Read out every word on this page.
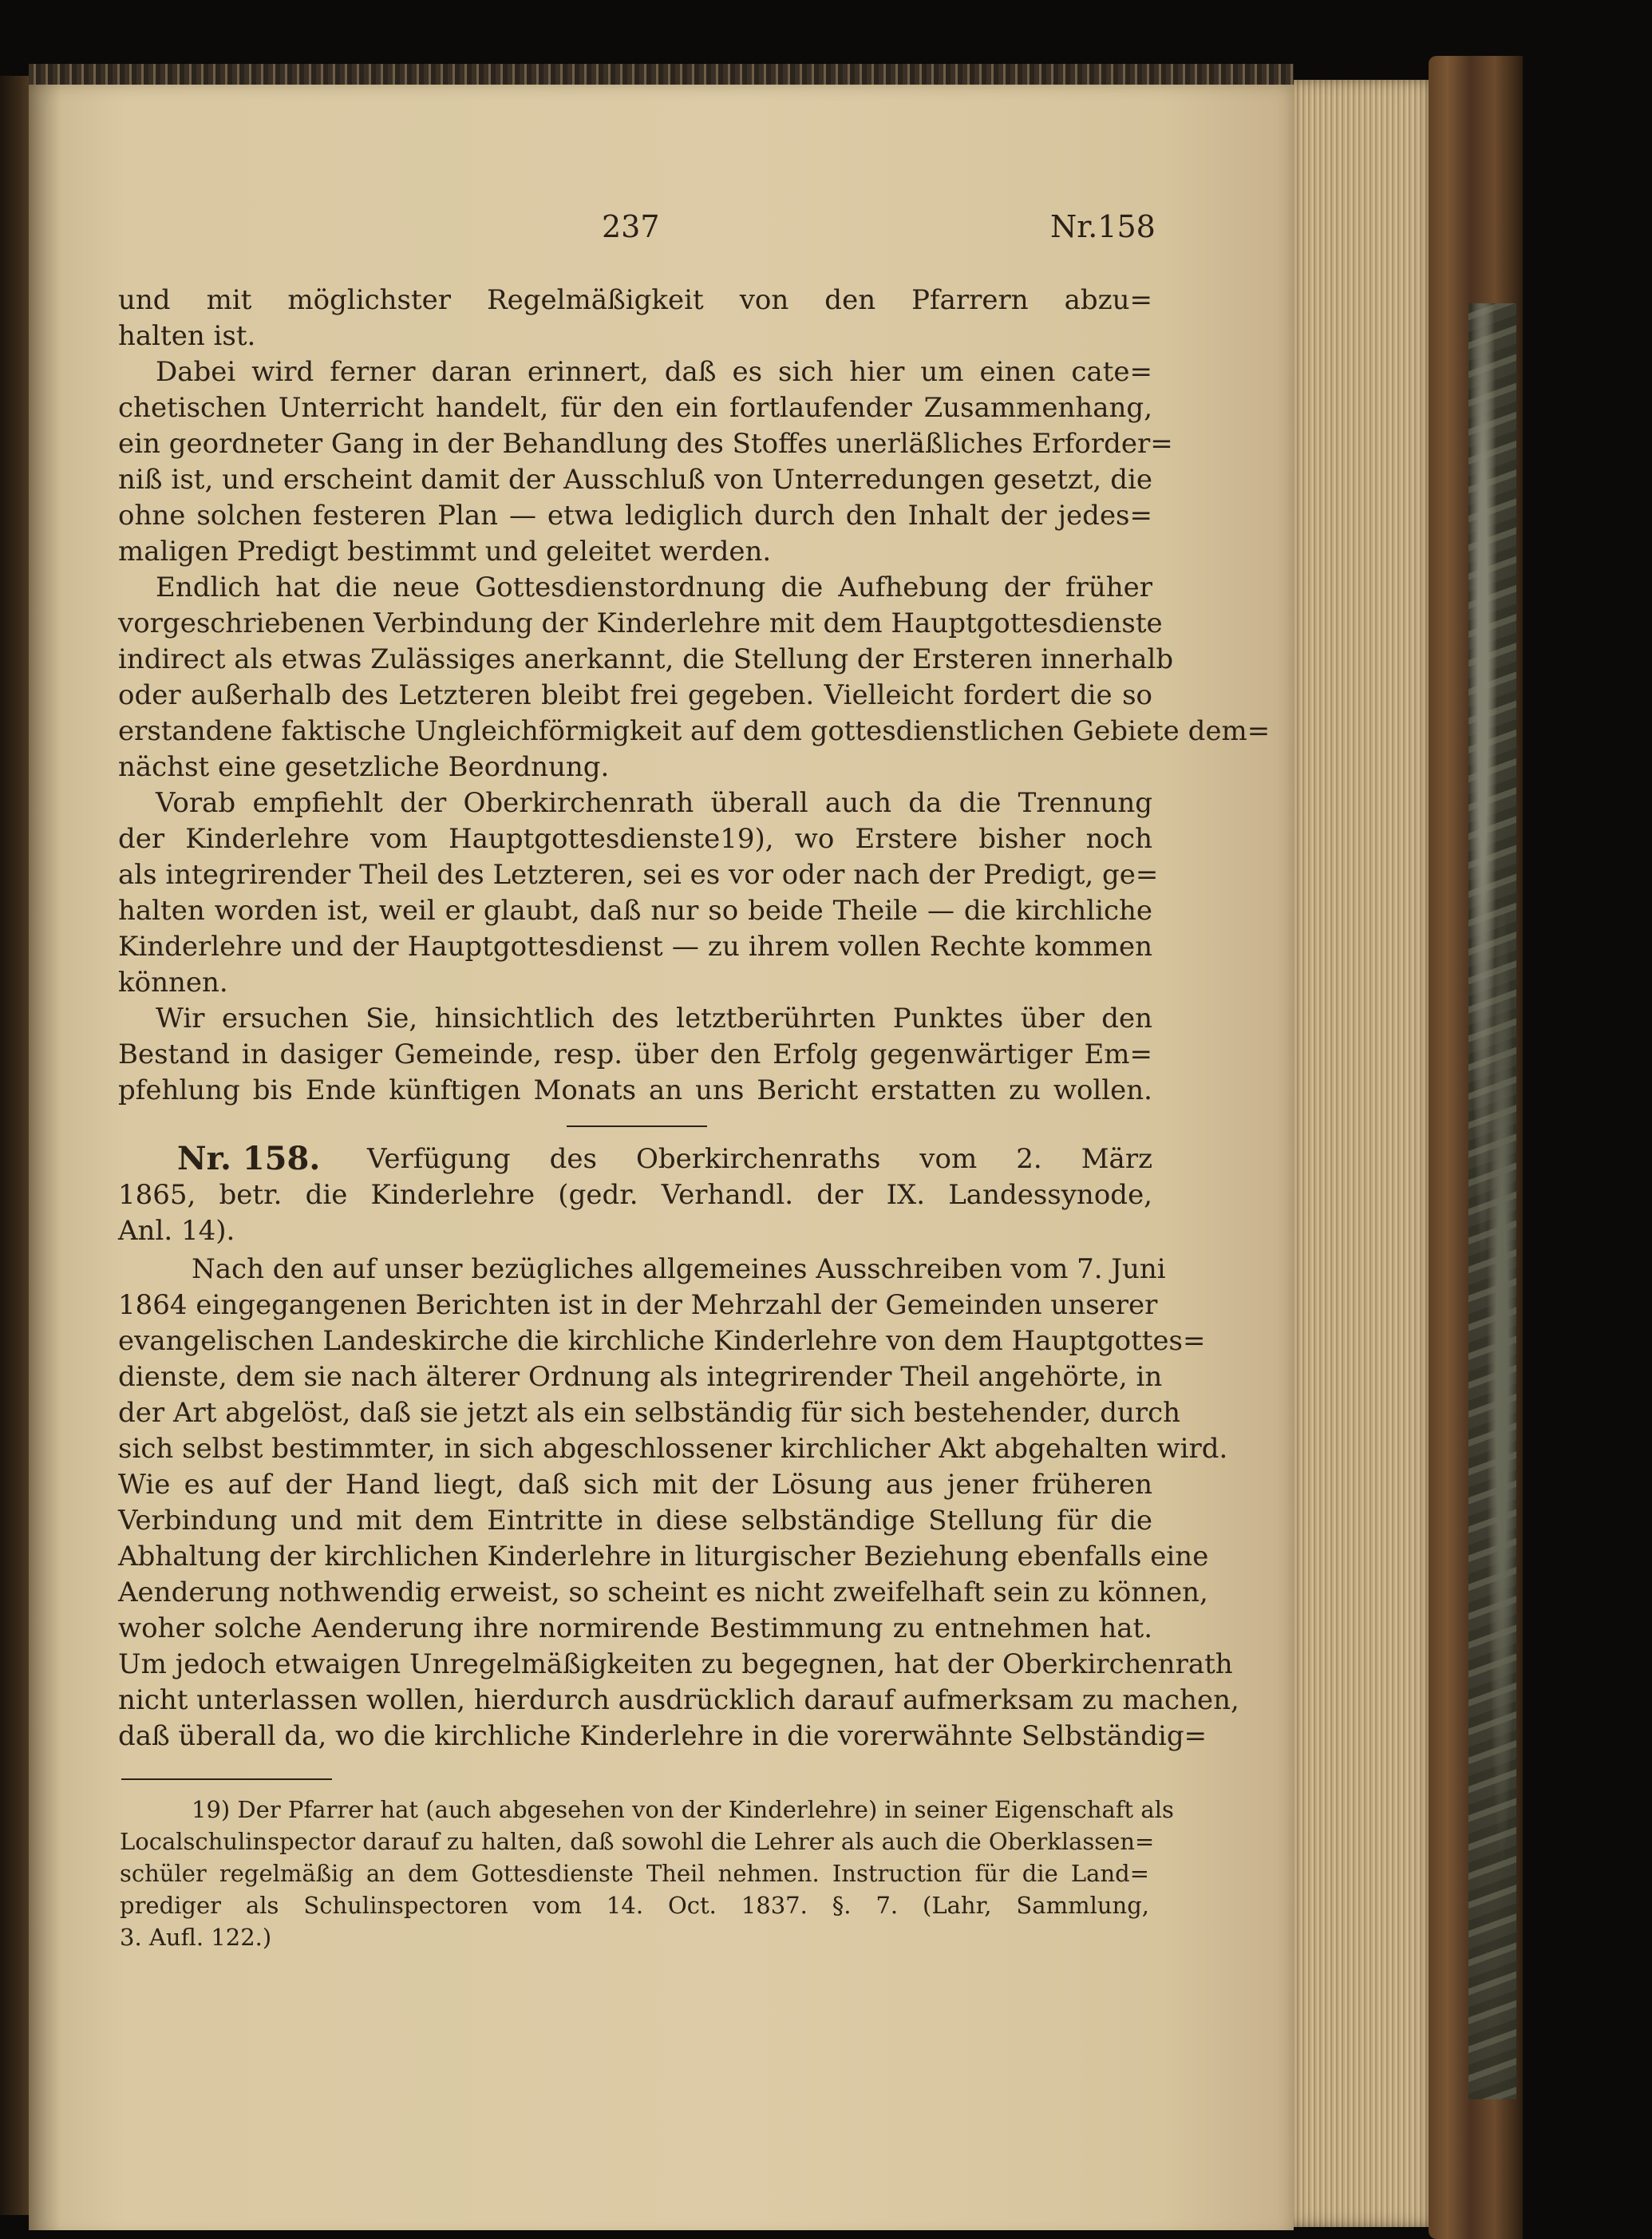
237	Nr.158
und mit möglichster Regelmäßigkeit von den Pfarrern abzu=
halten ist.
Dabei wird ferner daran erinnert, daß es sich hier um einen cate=
chetischen Unterricht handelt, für den ein fortlaufender Zusammenhang,
ein geordneter Gang in der Behandlung des Stoffes unerläßliches Erforder=
niß ist, und erscheint damit der Ausschluß von Unterredungen gesetzt, die
ohne solchen festeren Plan — etwa lediglich durch den Inhalt der jedes=
maligen Predigt bestimmt und geleitet werden.
Endlich hat die neue Gottesdienstordnung die Aufhebung der früher
vorgeschriebenen Verbindung der Kinderlehre mit dem Hauptgottesdienste
indirect als etwas Zulässiges anerkannt, die Stellung der Ersteren innerhalb
oder außerhalb des Letzteren bleibt frei gegeben. Vielleicht fordert die so
erstandene faktische Ungleichförmigkeit auf dem gottesdienstlichen Gebiete dem=
nächst eine gesetzliche Beordnung.
Vorab empfiehlt der Oberkirchenrath überall auch da die Trennung
der Kinderlehre vom Hauptgottesdienste19), wo Erstere bisher noch
als integrirender Theil des Letzteren, sei es vor oder nach der Predigt, ge=
halten worden ist, weil er glaubt, daß nur so beide Theile — die kirchliche
Kinderlehre und der Hauptgottesdienst — zu ihrem vollen Rechte kommen
können.
Wir ersuchen Sie, hinsichtlich des letztberührten Punktes über den
Bestand in dasiger Gemeinde, resp. über den Erfolg gegenwärtiger Em=
pfehlung bis Ende künftigen Monats an uns Bericht erstatten zu wollen.
Nr. 158. Verfügung des Oberkirchenraths vom 2. März
1865, betr. die Kinderlehre (gedr. Verhandl. der IX. Landessynode,
Anl. 14).
Nach den auf unser bezügliches allgemeines Ausschreiben vom 7. Juni
1864 eingegangenen Berichten ist in der Mehrzahl der Gemeinden unserer
evangelischen Landeskirche die kirchliche Kinderlehre von dem Hauptgottes=
dienste, dem sie nach älterer Ordnung als integrirender Theil angehörte, in
der Art abgelöst, daß sie jetzt als ein selbständig für sich bestehender, durch
sich selbst bestimmter, in sich abgeschlossener kirchlicher Akt abgehalten wird.
Wie es auf der Hand liegt, daß sich mit der Lösung aus jener früheren
Verbindung und mit dem Eintritte in diese selbständige Stellung für die
Abhaltung der kirchlichen Kinderlehre in liturgischer Beziehung ebenfalls eine
Aenderung nothwendig erweist, so scheint es nicht zweifelhaft sein zu können,
woher solche Aenderung ihre normirende Bestimmung zu entnehmen hat.
Um jedoch etwaigen Unregelmäßigkeiten zu begegnen, hat der Oberkirchenrath
nicht unterlassen wollen, hierdurch ausdrücklich darauf aufmerksam zu machen,
daß überall da, wo die kirchliche Kinderlehre in die vorerwähnte Selbständig=
19) Der Pfarrer hat (auch abgesehen von der Kinderlehre) in seiner Eigenschaft als
Localschulinspector darauf zu halten, daß sowohl die Lehrer als auch die Oberklassen=
schüler regelmäßig an dem Gottesdienste Theil nehmen. Instruction für die Land=
prediger als Schulinspectoren vom 14. Oct. 1837. §. 7. (Lahr, Sammlung,
3. Aufl. 122.)
